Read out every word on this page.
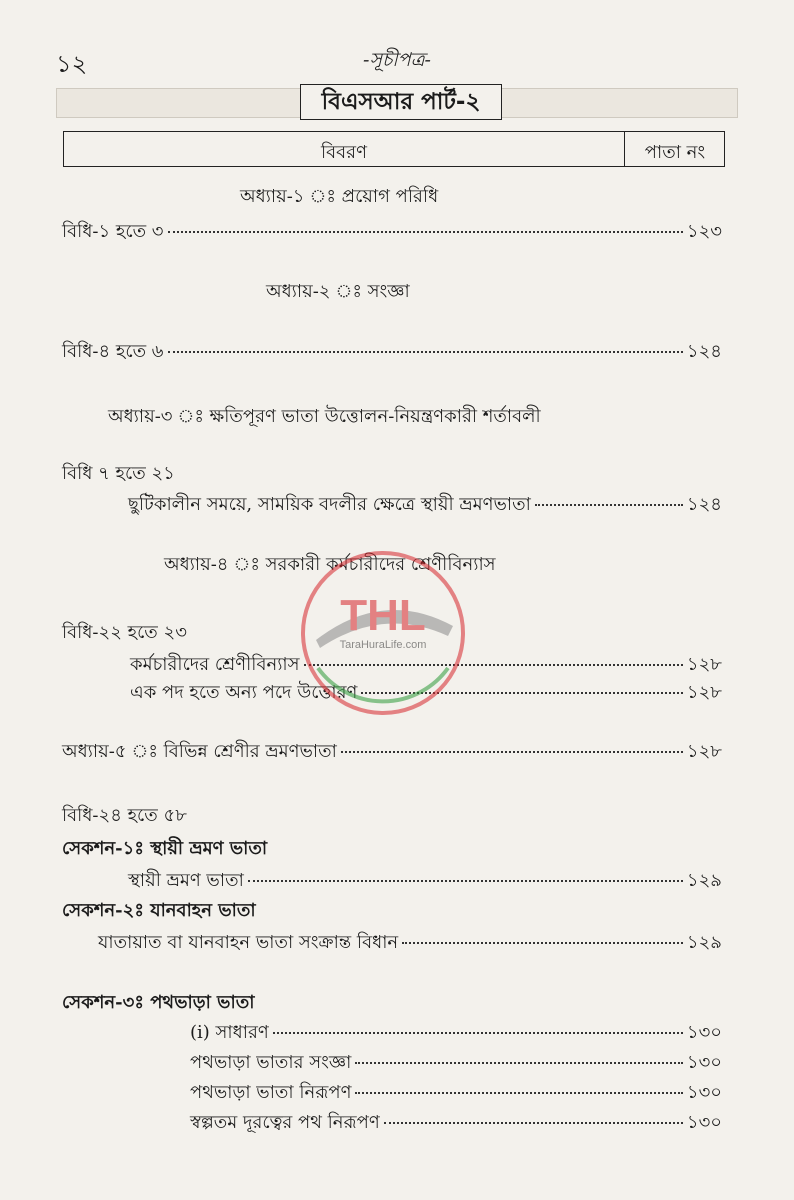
১২	-সূচীপত্র-
বিএসআর পার্ট-২
বিবরণ	পাতা নং
অধ্যায়-১ ঃ প্রয়োগ পরিধি
বিধি-১ হতে ৩	১২৩
অধ্যায়-২ ঃ সংজ্ঞা
বিধি-৪ হতে ৬	১২৪
অধ্যায়-৩ ঃ ক্ষতিপূরণ ভাতা উত্তোলন-নিয়ন্ত্রণকারী শর্তাবলী
বিধি ৭ হতে ২১
ছুটিকালীন সময়ে, সাময়িক বদলীর ক্ষেত্রে স্থায়ী ভ্রমণভাতা	১২৪
অধ্যায়-৪ ঃ সরকারী কর্মচারীদের শ্রেণীবিন্যাস
বিধি-২২ হতে ২৩
কর্মচারীদের শ্রেণীবিন্যাস	১২৮
এক পদ হতে অন্য পদে উত্তোরণ	১২৮
অধ্যায়-৫ ঃ বিভিন্ন শ্রেণীর ভ্রমণভাতা	১২৮
বিধি-২৪ হতে ৫৮
সেকশন-১ঃ স্থায়ী ভ্রমণ ভাতা
স্থায়ী ভ্রমণ ভাতা	১২৯
সেকশন-২ঃ যানবাহন ভাতা
যাতায়াত বা যানবাহন ভাতা সংক্রান্ত বিধান	১২৯
সেকশন-৩ঃ পথভাড়া ভাতা
(i) সাধারণ	১৩০
পথভাড়া ভাতার সংজ্ঞা	১৩০
পথভাড়া ভাতা নিরূপণ	১৩০
স্বল্পতম দূরত্বের পথ নিরূপণ	১৩০
THL
TaraHuraLife.com
